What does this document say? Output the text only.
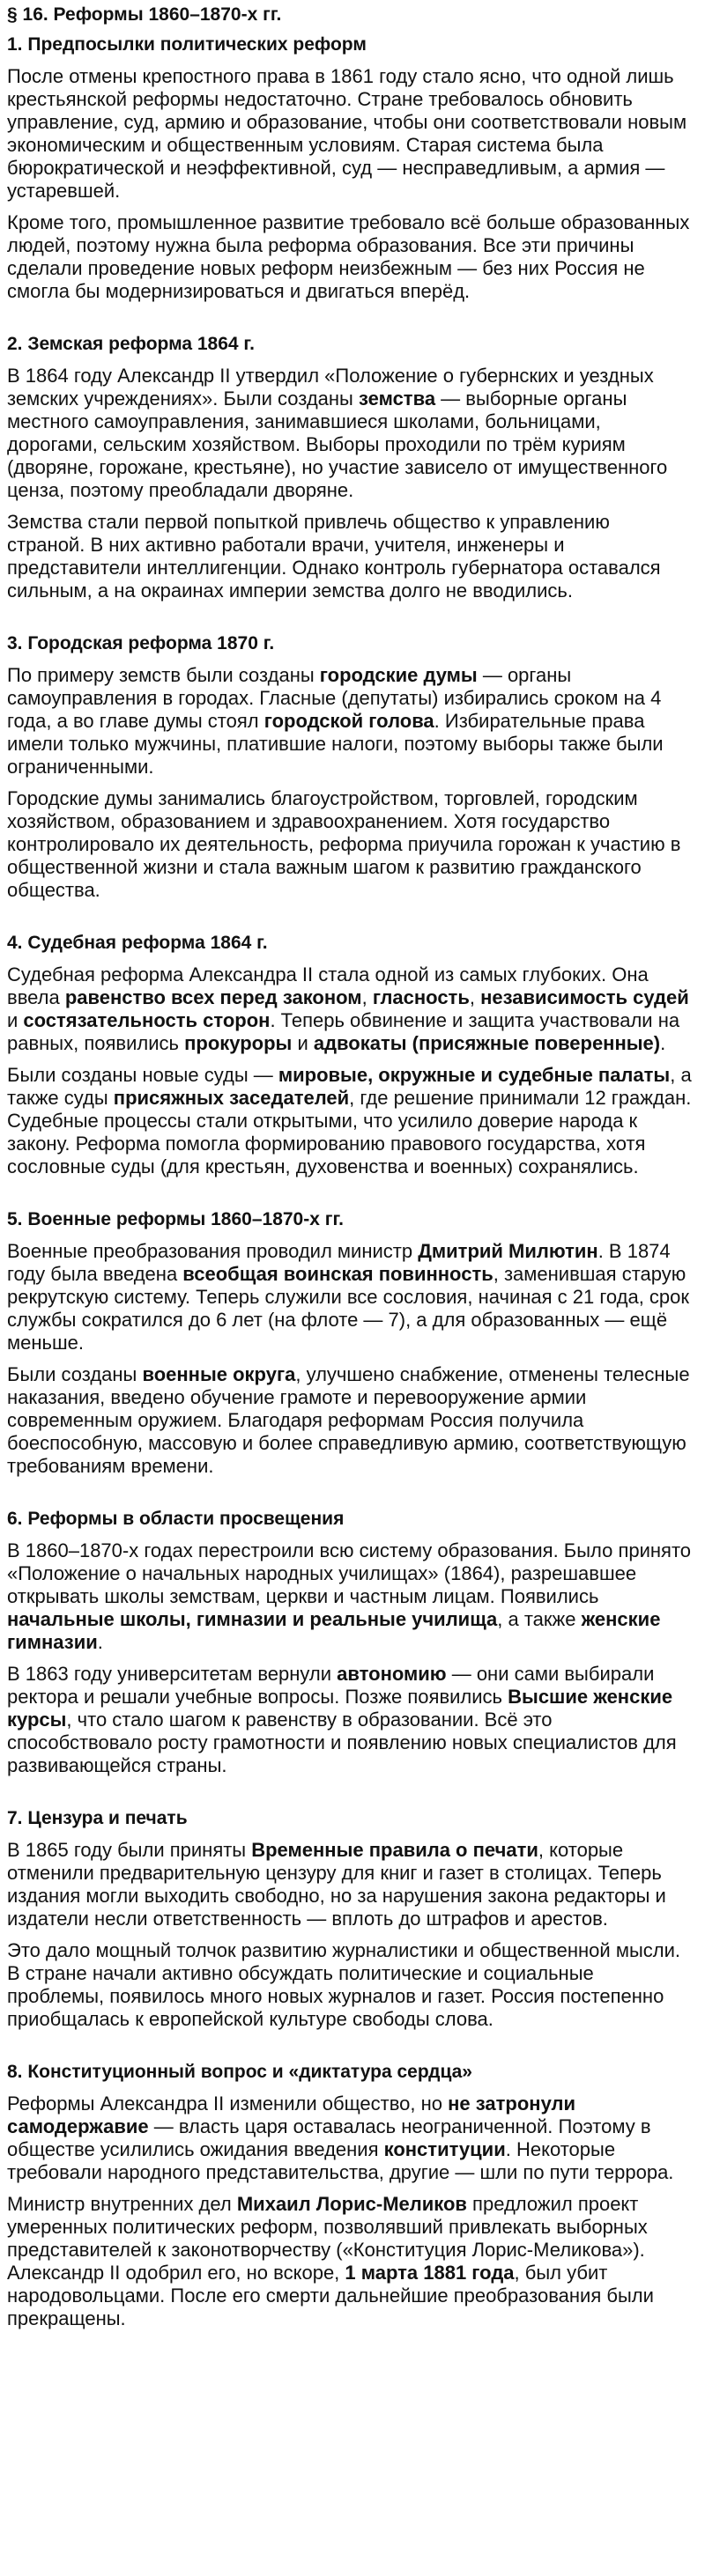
§ 16. Реформы 1860–1870-х гг.
1. Предпосылки политических реформ

После отмены крепостного права в 1861 году стало ясно, что одной лишь крестьянской реформы недостаточно. Стране требовалось обновить управление, суд, армию и образование, чтобы они соответствовали новым экономическим и общественным условиям. Старая система была бюрократической и неэффективной, суд — несправедливым, а армия — устаревшей.

Кроме того, промышленное развитие требовало всё больше образованных людей, поэтому нужна была реформа образования. Все эти причины сделали проведение новых реформ неизбежным — без них Россия не смогла бы модернизироваться и двигаться вперёд.

2. Земская реформа 1864 г.

В 1864 году Александр II утвердил «Положение о губернских и уездных земских учреждениях». Были созданы земства — выборные органы местного самоуправления, занимавшиеся школами, больницами, дорогами, сельским хозяйством. Выборы проходили по трём куриям (дворяне, горожане, крестьяне), но участие зависело от имущественного ценза, поэтому преобладали дворяне.

Земства стали первой попыткой привлечь общество к управлению страной. В них активно работали врачи, учителя, инженеры и представители интеллигенции. Однако контроль губернатора оставался сильным, а на окраинах империи земства долго не вводились.

3. Городская реформа 1870 г.

По примеру земств были созданы городские думы — органы самоуправления в городах. Гласные (депутаты) избирались сроком на 4 года, а во главе думы стоял городской голова. Избирательные права имели только мужчины, платившие налоги, поэтому выборы также были ограниченными.

Городские думы занимались благоустройством, торговлей, городским хозяйством, образованием и здравоохранением. Хотя государство контролировало их деятельность, реформа приучила горожан к участию в общественной жизни и стала важным шагом к развитию гражданского общества.

4. Судебная реформа 1864 г.

Судебная реформа Александра II стала одной из самых глубоких. Она ввела равенство всех перед законом, гласность, независимость судей и состязательность сторон. Теперь обвинение и защита участвовали на равных, появились прокуроры и адвокаты (присяжные поверенные).

Были созданы новые суды — мировые, окружные и судебные палаты, а также суды присяжных заседателей, где решение принимали 12 граждан. Судебные процессы стали открытыми, что усилило доверие народа к закону. Реформа помогла формированию правового государства, хотя сословные суды (для крестьян, духовенства и военных) сохранялись.

5. Военные реформы 1860–1870-х гг.

Военные преобразования проводил министр Дмитрий Милютин. В 1874 году была введена всеобщая воинская повинность, заменившая старую рекрутскую систему. Теперь служили все сословия, начиная с 21 года, срок службы сократился до 6 лет (на флоте — 7), а для образованных — ещё меньше.

Были созданы военные округа, улучшено снабжение, отменены телесные наказания, введено обучение грамоте и перевооружение армии современным оружием. Благодаря реформам Россия получила боеспособную, массовую и более справедливую армию, соответствующую требованиям времени.

6. Реформы в области просвещения

В 1860–1870-х годах перестроили всю систему образования. Было принято «Положение о начальных народных училищах» (1864), разрешавшее открывать школы земствам, церкви и частным лицам. Появились начальные школы, гимназии и реальные училища, а также женские гимназии.

В 1863 году университетам вернули автономию — они сами выбирали ректора и решали учебные вопросы. Позже появились Высшие женские курсы, что стало шагом к равенству в образовании. Всё это способствовало росту грамотности и появлению новых специалистов для развивающейся страны.

7. Цензура и печать

В 1865 году были приняты Временные правила о печати, которые отменили предварительную цензуру для книг и газет в столицах. Теперь издания могли выходить свободно, но за нарушения закона редакторы и издатели несли ответственность — вплоть до штрафов и арестов.

Это дало мощный толчок развитию журналистики и общественной мысли. В стране начали активно обсуждать политические и социальные проблемы, появилось много новых журналов и газет. Россия постепенно приобщалась к европейской культуре свободы слова.

8. Конституционный вопрос и «диктатура сердца»

Реформы Александра II изменили общество, но не затронули самодержавие — власть царя оставалась неограниченной. Поэтому в обществе усилились ожидания введения конституции. Некоторые требовали народного представительства, другие — шли по пути террора.

Министр внутренних дел Михаил Лорис-Меликов предложил проект умеренных политических реформ, позволявший привлекать выборных представителей к законотворчеству («Конституция Лорис-Меликова»). Александр II одобрил его, но вскоре, 1 марта 1881 года, был убит народовольцами. После его смерти дальнейшие преобразования были прекращены.
